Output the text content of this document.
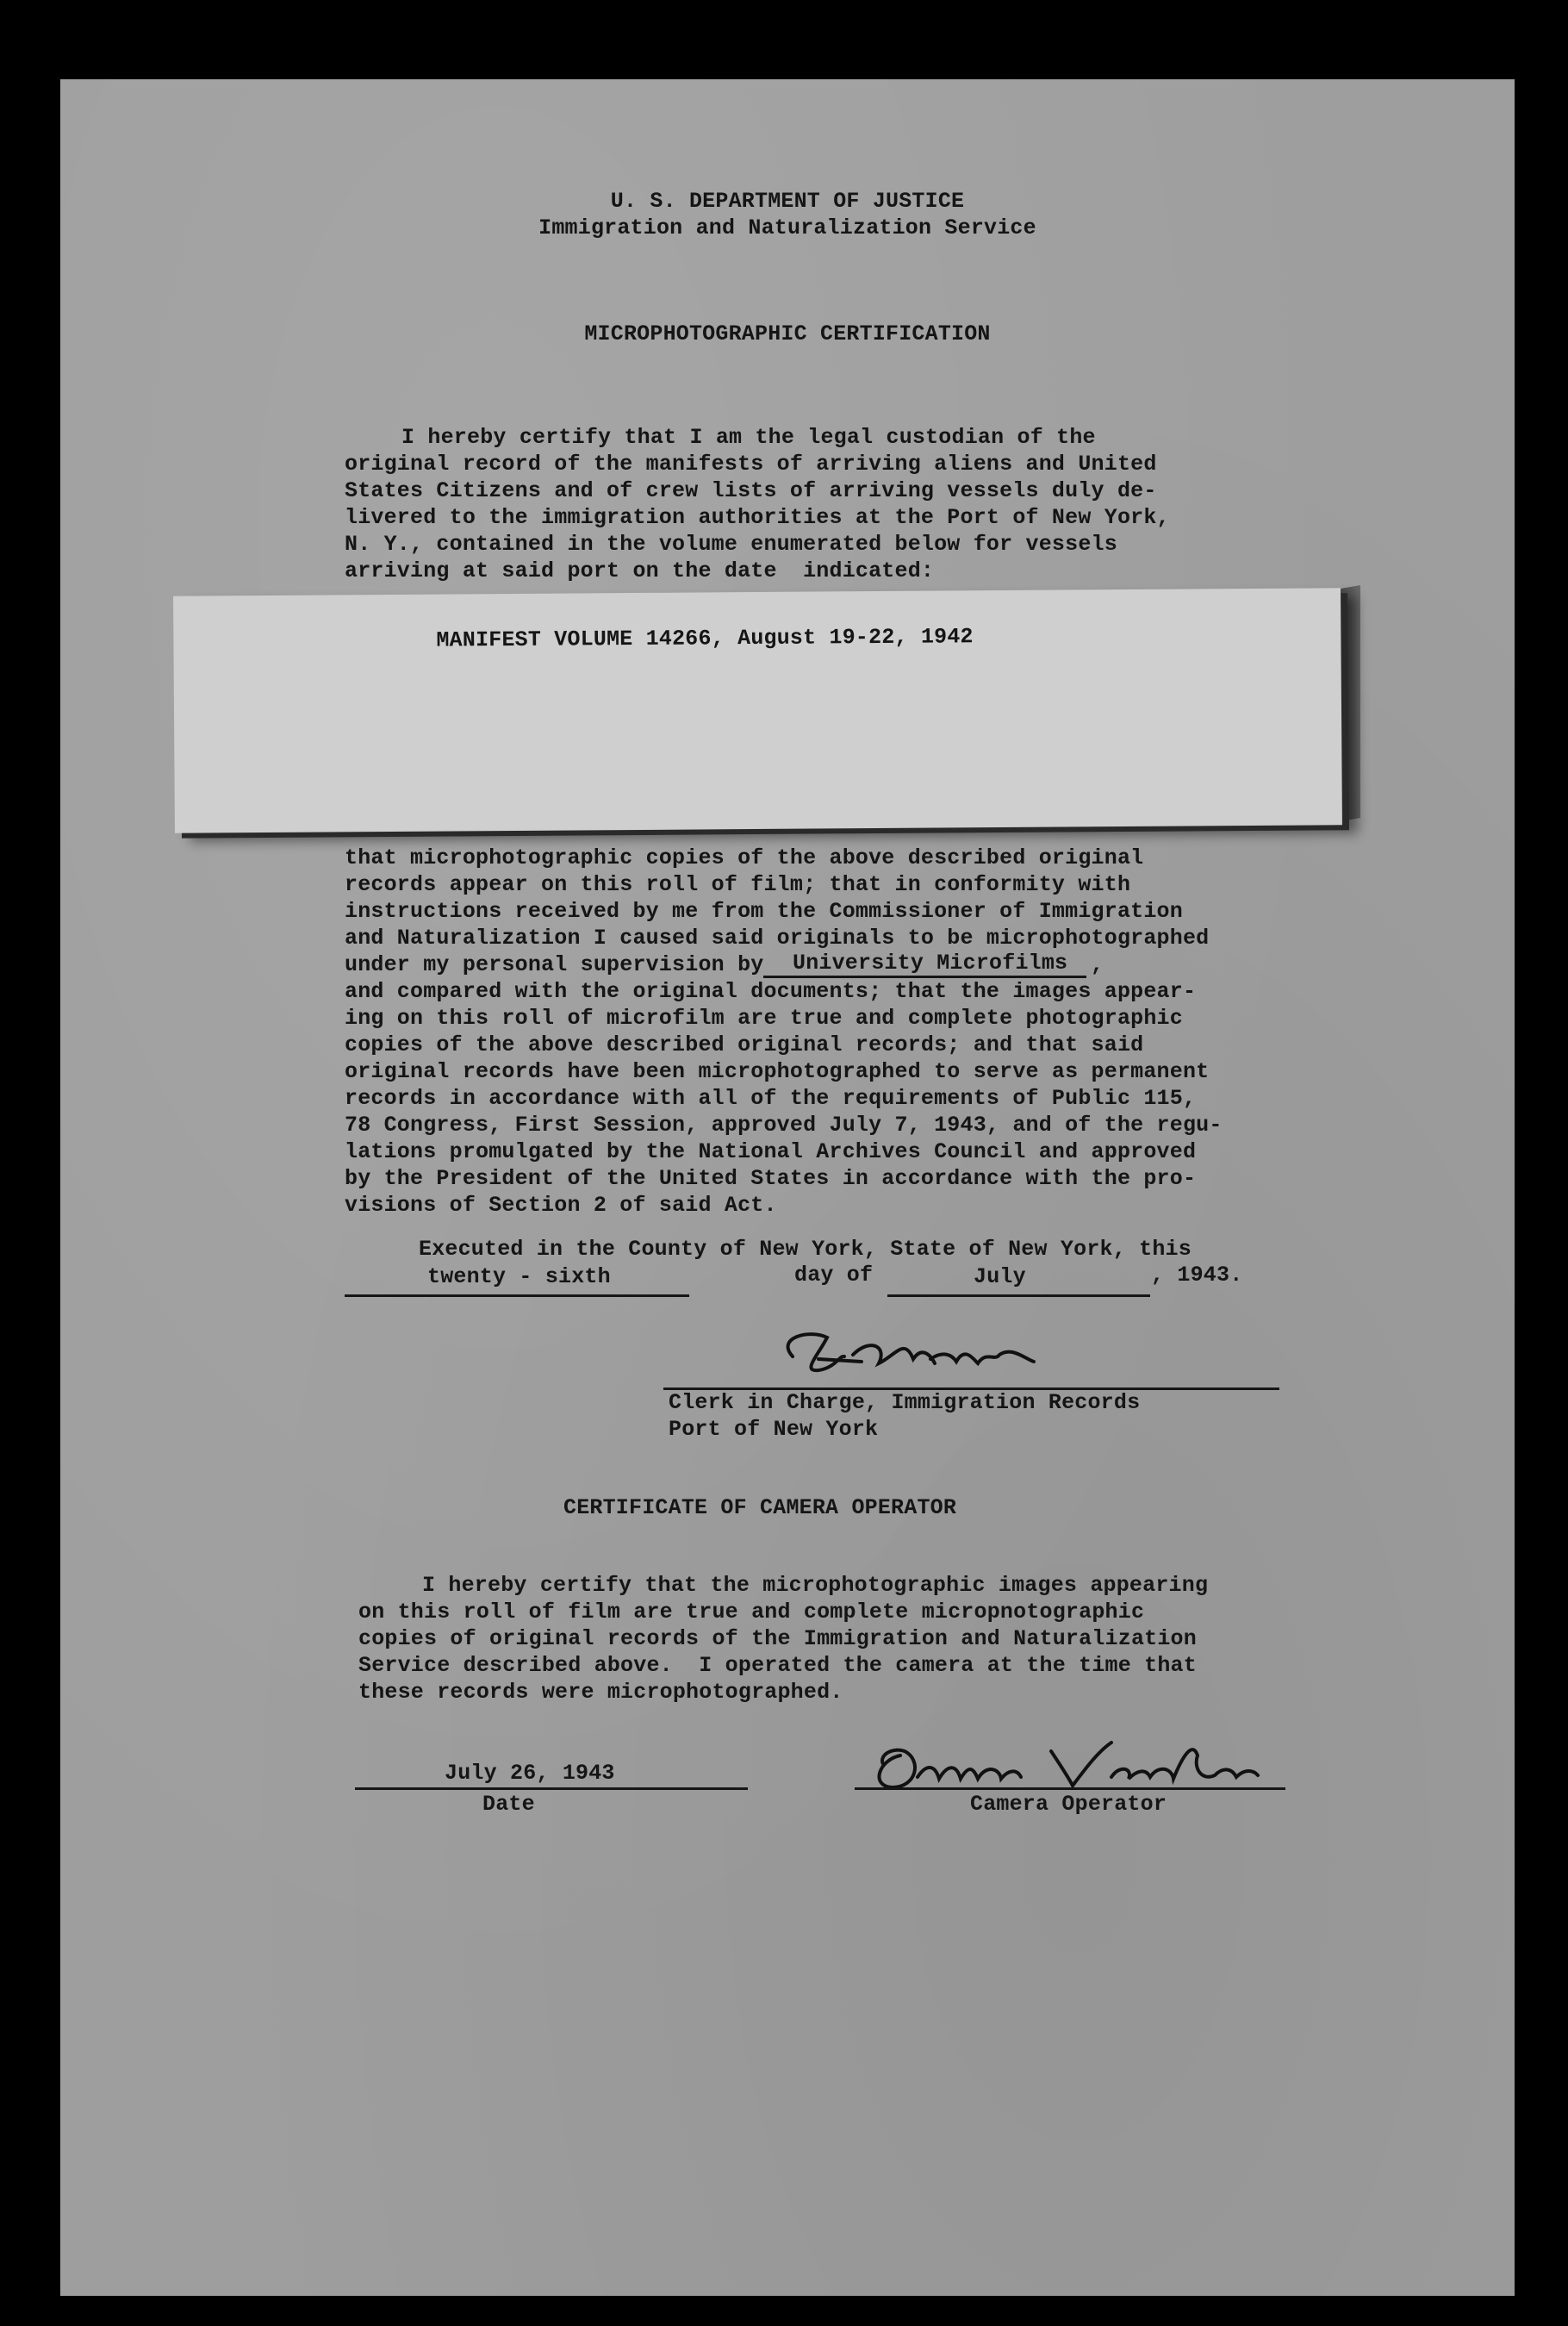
U. S. DEPARTMENT OF JUSTICE
Immigration and Naturalization Service
MICROPHOTOGRAPHIC CERTIFICATION
I hereby certify that I am the legal custodian of the
original record of the manifests of arriving aliens and United
States Citizens and of crew lists of arriving vessels duly de-
livered to the immigration authorities at the Port of New York,
N. Y., contained in the volume enumerated below for vessels
arriving at said port on the date  indicated:
MANIFEST VOLUME 14266, August 19-22, 1942
that microphotographic copies of the above described original
records appear on this roll of film; that in conformity with
instructions received by me from the Commissioner of Immigration
and Naturalization I caused said originals to be microphotographed
under my personal supervision by University Microfilms ,
and compared with the original documents; that the images appear-
ing on this roll of microfilm are true and complete photographic
copies of the above described original records; and that said
original records have been microphotographed to serve as permanent
records in accordance with all of the requirements of Public 115,
78 Congress, First Session, approved July 7, 1943, and of the regu-
lations promulgated by the National Archives Council and approved
by the President of the United States in accordance with the pro-
visions of Section 2 of said Act.
Executed in the County of New York, State of New York, this
twenty - sixth	day of	July	, 1943.
Clerk in Charge, Immigration Records
Port of New York
CERTIFICATE OF CAMERA OPERATOR
I hereby certify that the microphotographic images appearing
on this roll of film are true and complete micropnotographic
copies of original records of the Immigration and Naturalization
Service described above.  I operated the camera at the time that
these records were microphotographed.
July 26, 1943
Date	Camera Operator
